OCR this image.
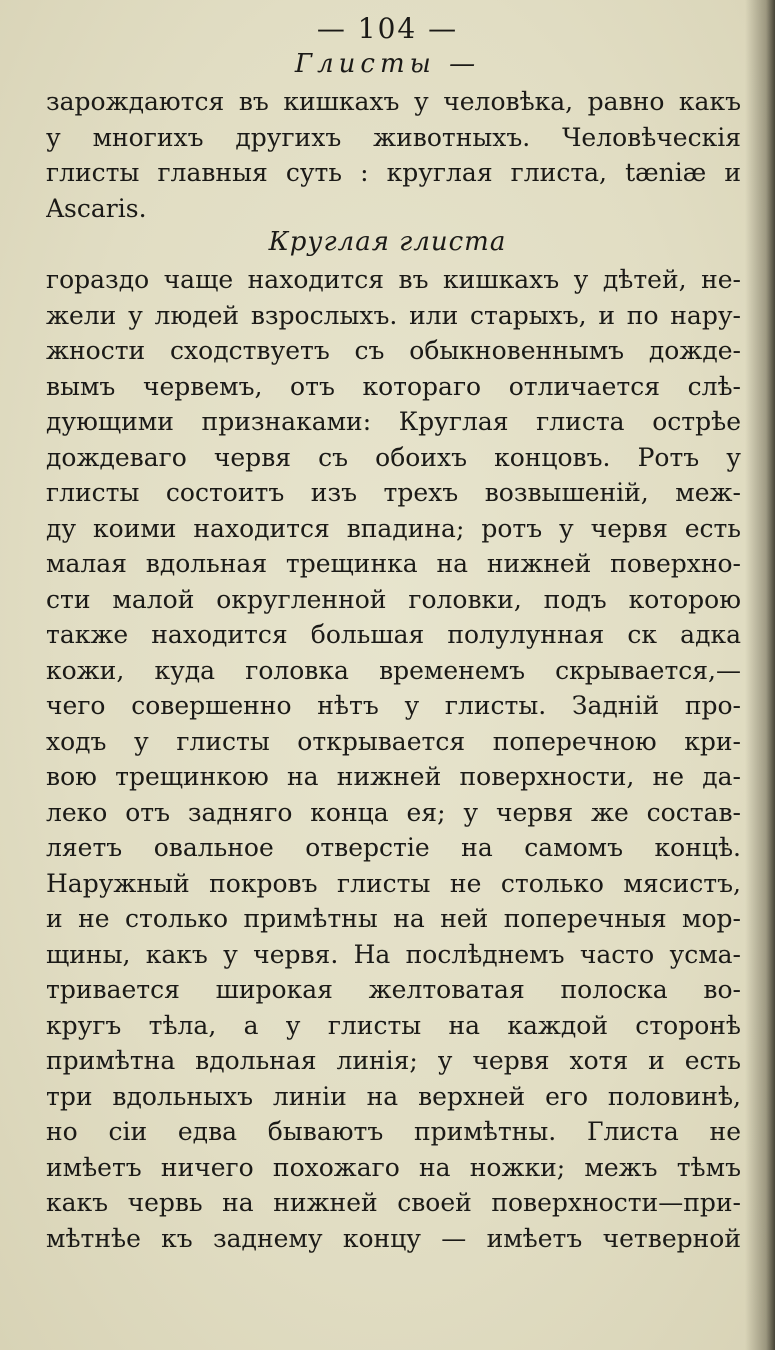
— 104 —
Глисты —
зарождаются въ кишкахъ у человѣка, равно какъ
у многихъ другихъ животныхъ. Человѣческія
глисты главныя суть : круглая глиста, tæniæ и
Ascaris.
Круглая глиста
гораздо чаще находится въ кишкахъ у дѣтей, не-
жели у людей взрослыхъ. или старыхъ, и по нару-
жности сходствуетъ съ обыкновеннымъ дожде-
вымъ червемъ, отъ котораго отличается слѣ-
дующими признаками: Круглая глиста острѣе
дождеваго червя съ обоихъ концовъ. Ротъ у
глисты состоитъ изъ трехъ возвышеній, меж-
ду коими находится впадина; ротъ у червя есть
малая вдольная трещинка на нижней поверхно-
сти малой округленной головки, подъ которою
также находится большая полулунная ск адка
кожи, куда головка временемъ скрывается,—
чего совершенно нѣтъ у глисты. Задній про-
ходъ у глисты открывается поперечною кри-
вою трещинкою на нижней поверхности, не да-
леко отъ задняго конца ея; у червя же состав-
ляетъ овальное отверстіе на самомъ концѣ.
Наружный покровъ глисты не столько мясистъ,
и не столько примѣтны на ней поперечныя мор-
щины, какъ у червя. На послѣднемъ часто усма-
тривается широкая желтоватая полоска во-
кругъ тѣла, а у глисты на каждой сторонѣ
примѣтна вдольная линія; у червя хотя и есть
три вдольныхъ линіи на верхней его половинѣ,
но сіи едва бываютъ примѣтны. Глиста не
имѣетъ ничего похожаго на ножки; межъ тѣмъ
какъ червь на нижней своей поверхности—при-
мѣтнѣе къ заднему концу — имѣетъ четверной
